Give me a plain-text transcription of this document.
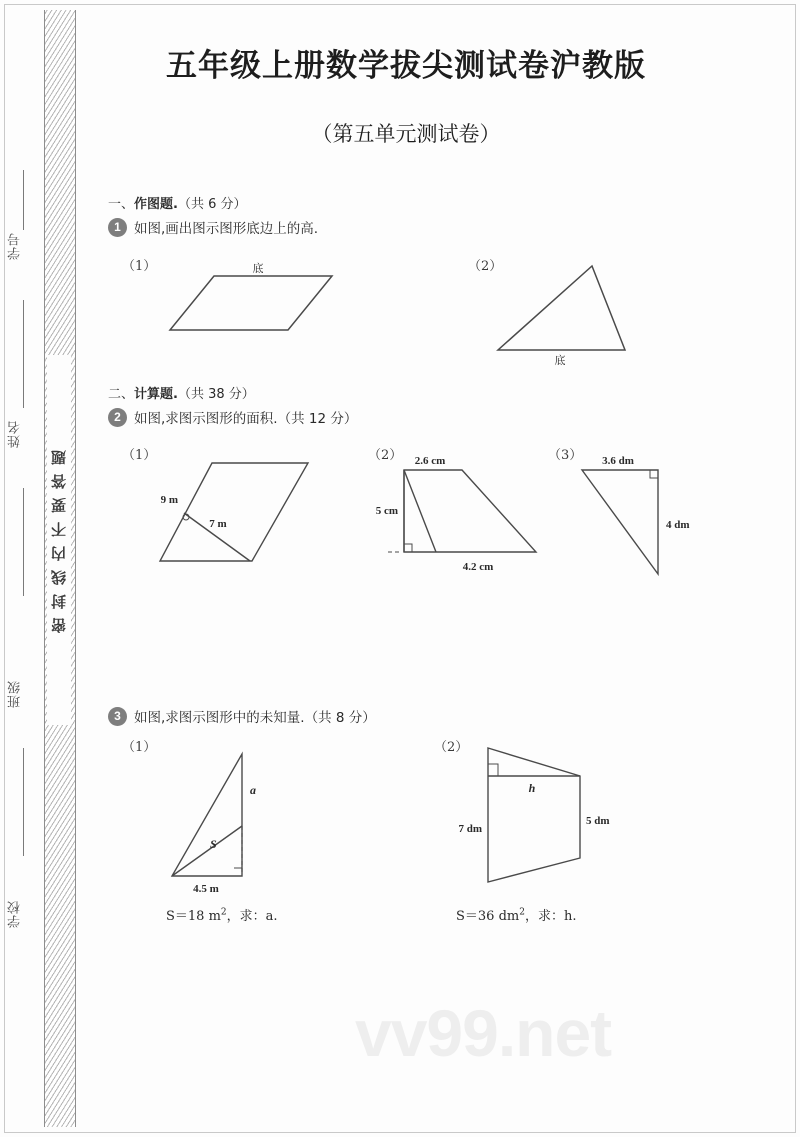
题
答
要
不
内
线
封
密
学号
姓名
班级
学校
五年级上册数学拔尖测试卷沪教版
（第五单元测试卷）
一、作图题.（共 6 分）
1 如图,画出图示图形底边上的高.
（1）	（2）
底
底
二、计算题.（共 38 分）
2 如图,求图示图形的面积.（共 12 分）
（1）	（2）	（3）
9 m
7 m
2.6 cm
5 cm
4.2 cm
3.6 dm
4 dm
3 如图,求图示图形中的未知量.（共 8 分）
（1）	（2）
a
S
4.5 m
S＝18 $m^2$，求：a.
h
7 dm
5 dm
S＝36 $dm^2$，求：h.
vv99.net
